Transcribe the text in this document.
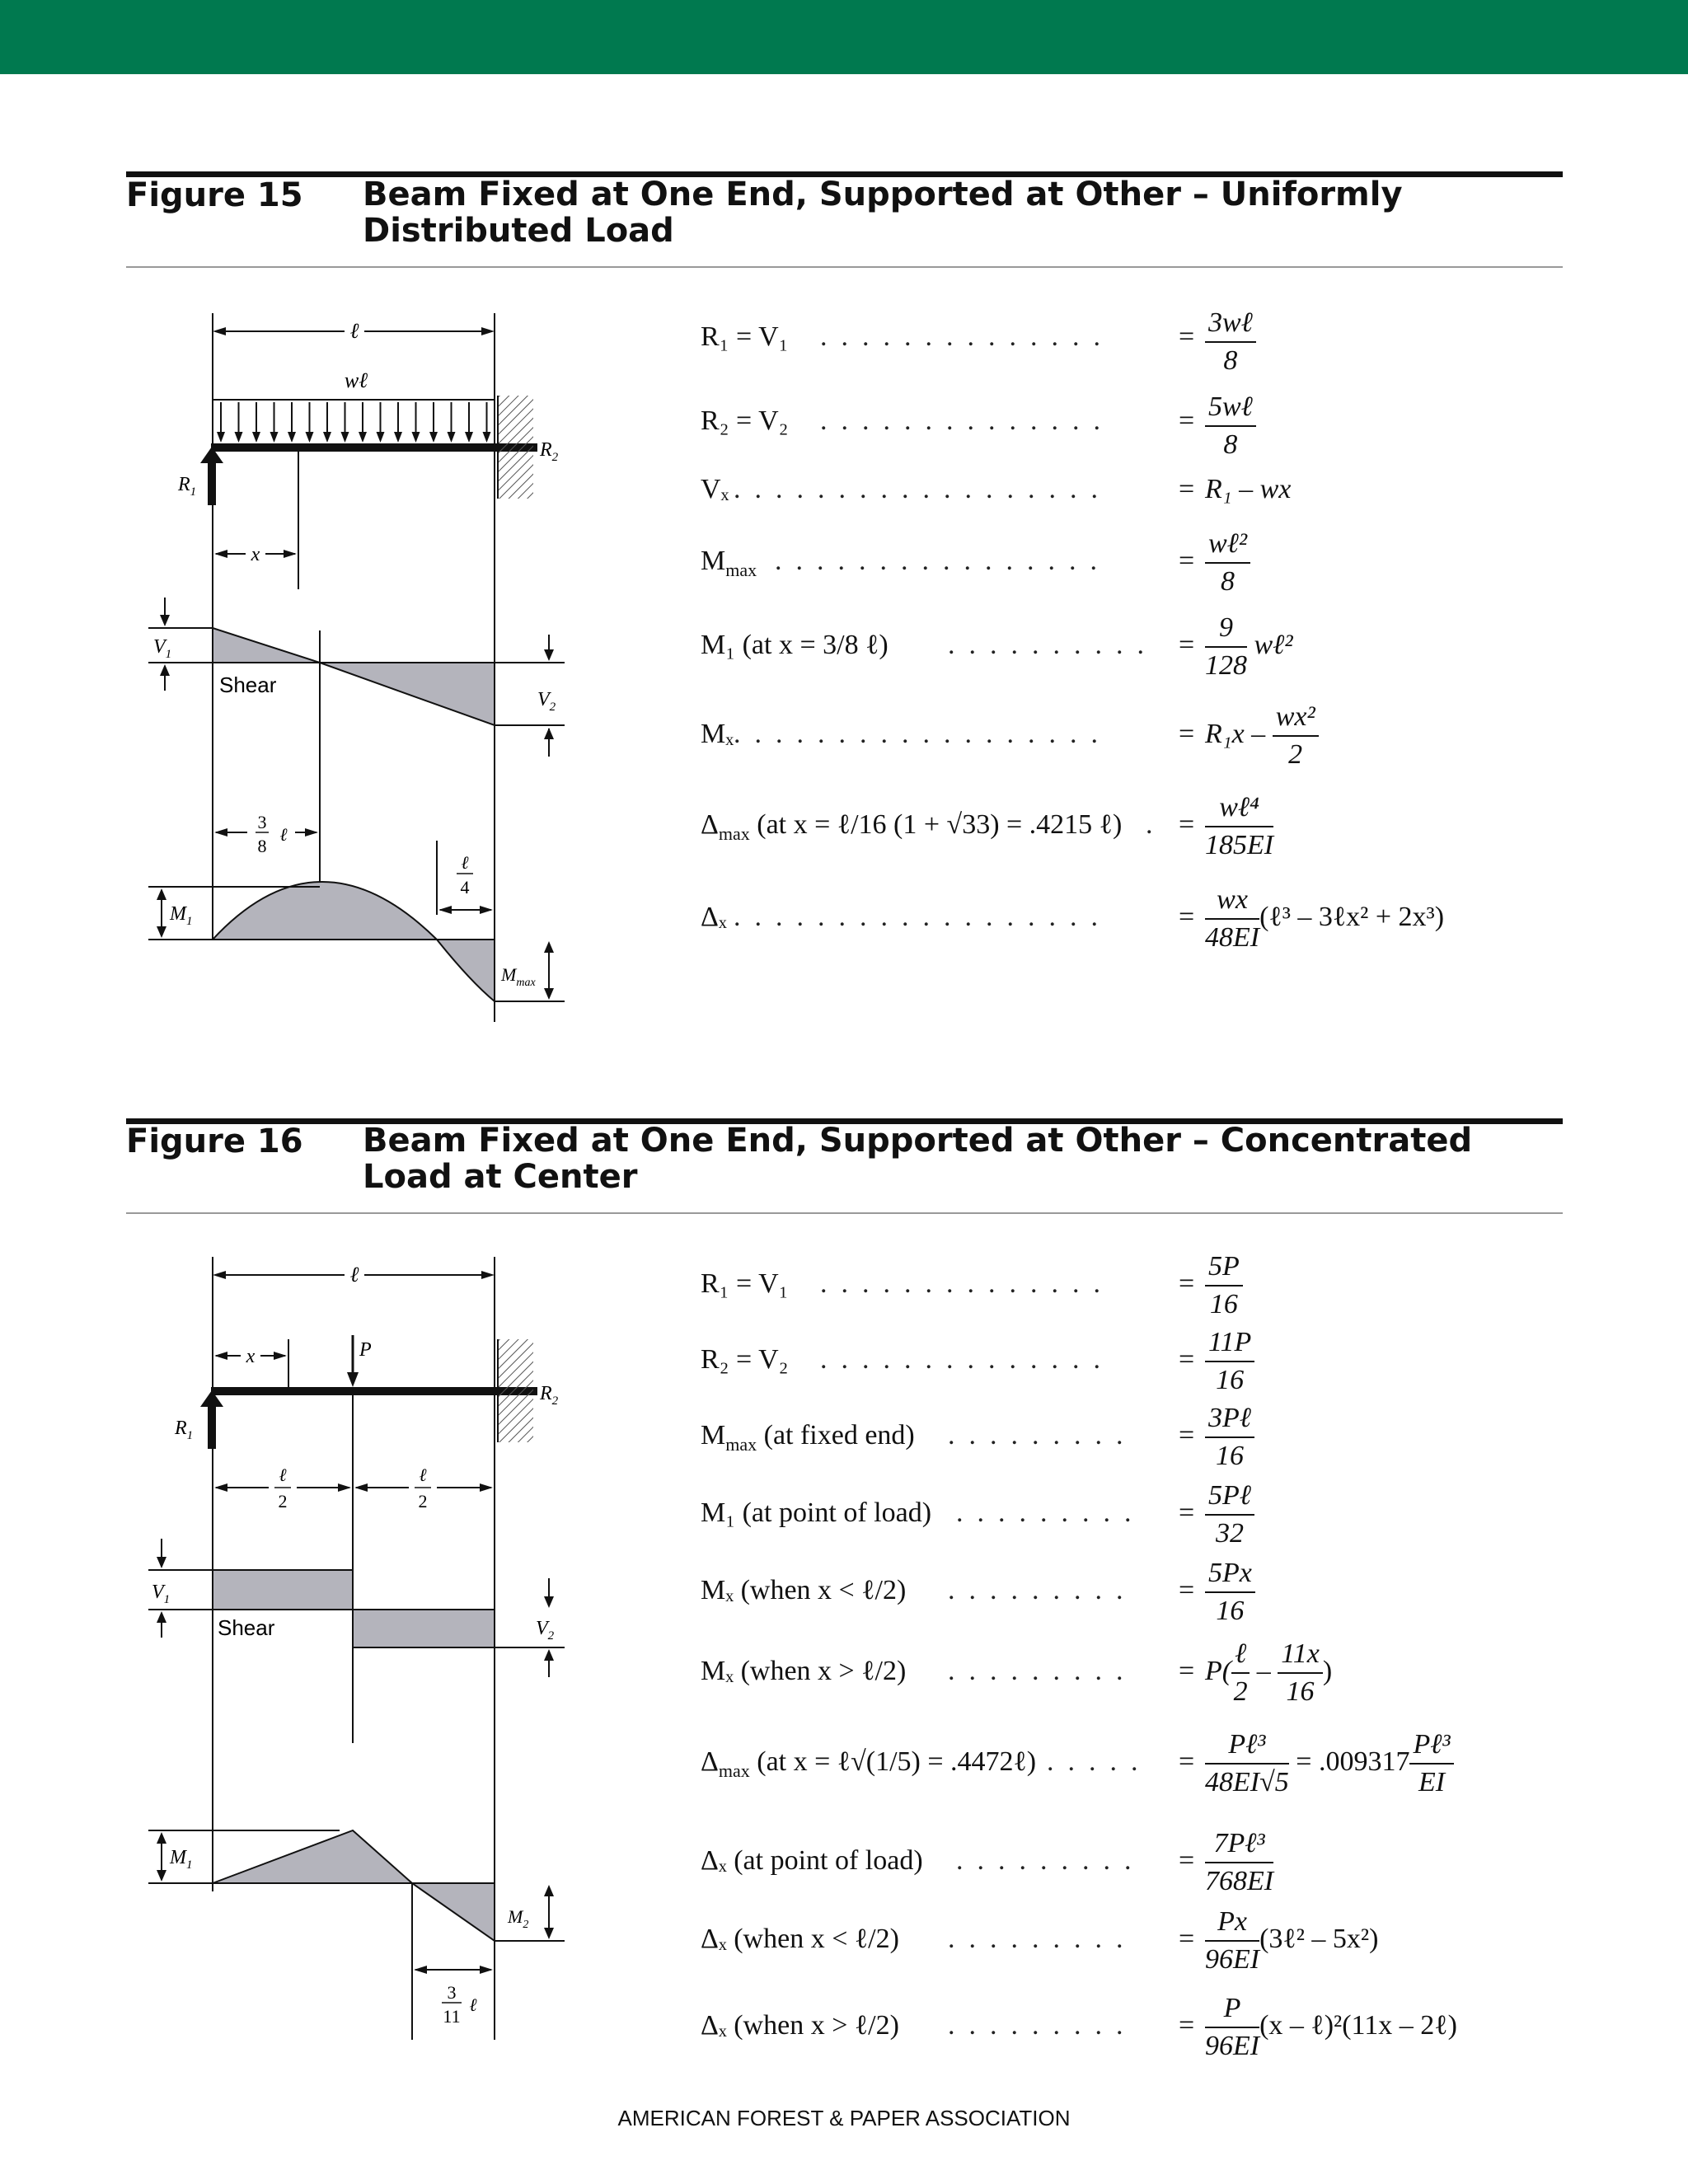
Figure 15 Beam Fixed at One End, Supported at Other – Uniformly Distributed Load
ℓ
wℓ
$R_2$
$R_1$
x
Shear
$V_1$
$V_2$
3
8
ℓ
ℓ
4
$M_1$
$M_{max}$
R₁ = V₁ .  .  .  .  .  .  .  .  .  .  .  .  .  .	= $\frac{\text{3wℓ}}{8}$
R₂ = V₂ .  .  .  .  .  .  .  .  .  .  .  .  .  .	= $\frac{\text{5wℓ}}{8}$
Vₓ .  .  .  .  .  .  .  .  .  .  .  .  .  .  .  .  .  .	= R₁ – wx
$M_{max}$ .  .  .  .  .  .  .  .  .  .  .  .  .  .  .  .	= $\frac{\text{wℓ²}}{8}$
M₁ (at x = 3/8 ℓ) .  .  .  .  .  .  .  .  .  . = $\frac{9}{128}$ wℓ²
Mₓ .  .  .  .  .  .  .  .  .  .  .  .  .  .  .  .  .  .	= $R_1x - \frac{\text{wx²}}{2}$
$\Delta_{max}$ (at x = ℓ/16 (1 + √33) = .4215 ℓ) . = $\frac{\text{wℓ⁴}}{185EI}$
Δₓ .  .  .  .  .  .  .  .  .  .  .  .  .  .  .  .  .  .	= $\frac{wx}{48EI}$ (ℓ³ – 3ℓx² + 2x³)
Figure 16 Beam Fixed at One End, Supported at Other – Concentrated Load at Center
ℓ
x	P
$R_2$
$R_1$
ℓ
2
ℓ
2
Shear
$V_1$
$V_2$
$M_1$
$M_2$
3
11
ℓ
R₁ = V₁ .  .  .  .  .  .  .  .  .  .  .  .  .  .	= $\frac{5P}{16}$
R₂ = V₂ .  .  .  .  .  .  .  .  .  .  .  .  .  .	= $\frac{11P}{16}$
$M_{max}$ (at fixed end) .  .  .  .  .  .  .  .  . = $\frac{\text{3Pℓ}}{16}$
M₁ (at point of load) .  .  .  .  .  .  .  .  . = $\frac{\text{5Pℓ}}{32}$
Mₓ (when x < ℓ/2) .  .  .  .  .  .  .  .  . = $\frac{5Px}{16}$
Mₓ (when x > ℓ/2) .  .  .  .  .  .  .  .  . = $P( \frac{\text{ℓ}}{2} - \frac{11x}{16}$ )
$\Delta_{max}$ (at x = ℓ√(1/5) = .4472ℓ) .  .  .  .  . = $\frac{\text{Pℓ³}}{48EI√5} = .009317 \frac{\text{Pℓ³}}{EI}$
Δₓ (at point of load) .  .  .  .  .  .  .  .  . = $\frac{\text{7Pℓ³}}{768EI}$
Δₓ (when x < ℓ/2) .  .  .  .  .  .  .  .  . = $\frac{Px}{96EI}$ (3ℓ² – 5x²)
Δₓ (when x > ℓ/2) .  .  .  .  .  .  .  .  . = $\frac{P}{96EI} (x$ – ℓ)²(11x – 2ℓ)
AMERICAN FOREST & PAPER ASSOCIATION
